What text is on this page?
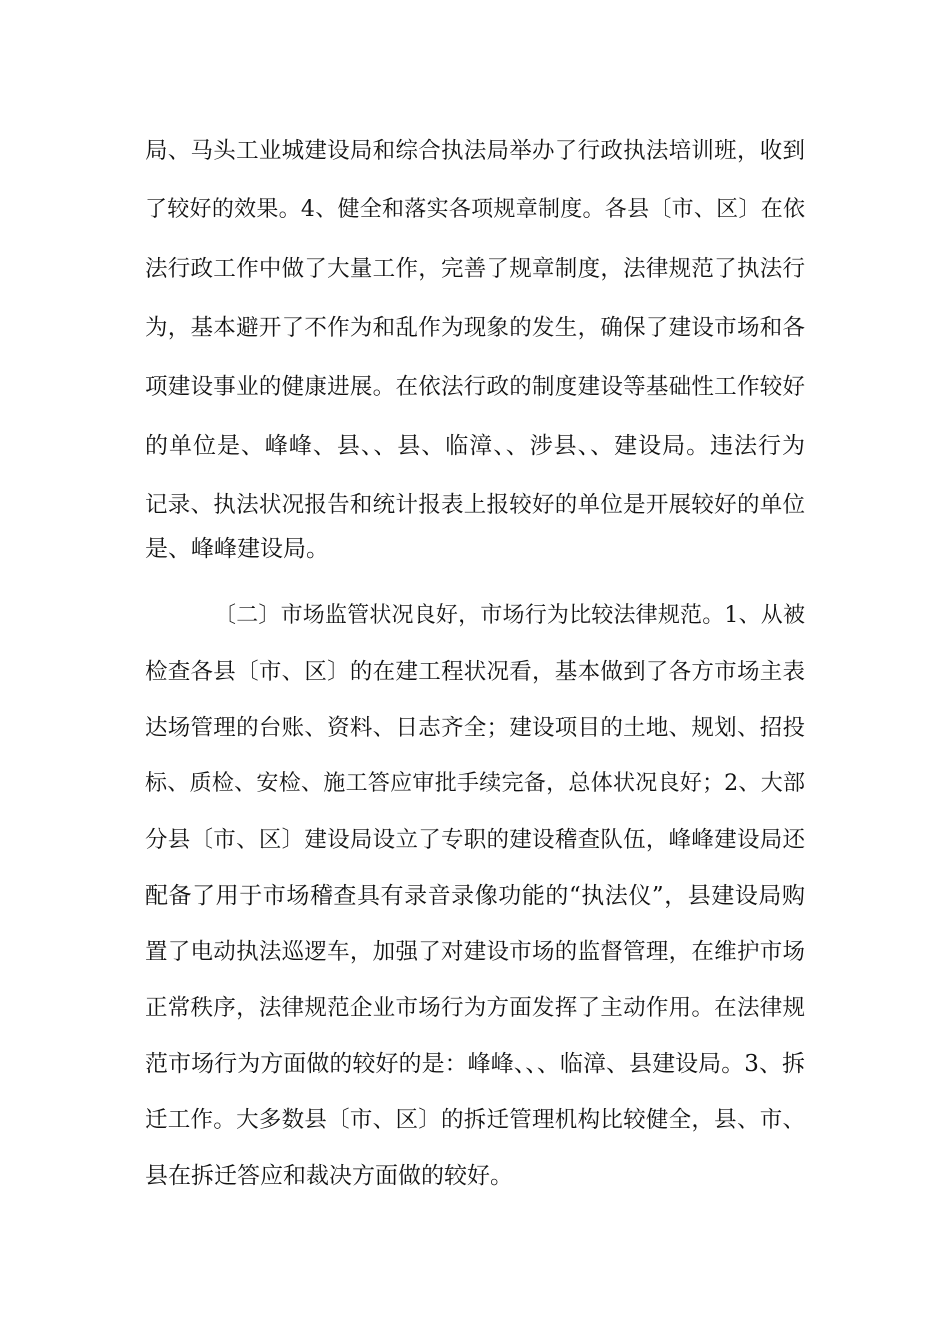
局、马头工业城建设局和综合执法局举办了行政执法培训班，收到
了较好的效果。4、健全和落实各项规章制度。各县〔市、区〕在依
法行政工作中做了大量工作，完善了规章制度，法律规范了执法行
为，基本避开了不作为和乱作为现象的发生，确保了建设市场和各
项建设事业的健康进展。在依法行政的制度建设等基础性工作较好
的单位是、峰峰、县、、县、临漳、、涉县、、建设局。违法行为
记录、执法状况报告和统计报表上报较好的单位是开展较好的单位
是、峰峰建设局。
〔二〕市场监管状况良好，市场行为比较法律规范。1、从被
检查各县〔市、区〕的在建工程状况看，基本做到了各方市场主表
达场管理的台账、资料、日志齐全；建设项目的土地、规划、招投
标、质检、安检、施工答应审批手续完备，总体状况良好；2、大部
分县〔市、区〕建设局设立了专职的建设稽查队伍，峰峰建设局还
配备了用于市场稽查具有录音录像功能的“执法仪”，县建设局购
置了电动执法巡逻车，加强了对建设市场的监督管理，在维护市场
正常秩序，法律规范企业市场行为方面发挥了主动作用。在法律规
范市场行为方面做的较好的是：峰峰、、、临漳、县建设局。3、拆
迁工作。大多数县〔市、区〕的拆迁管理机构比较健全，县、市、
县在拆迁答应和裁决方面做的较好。
